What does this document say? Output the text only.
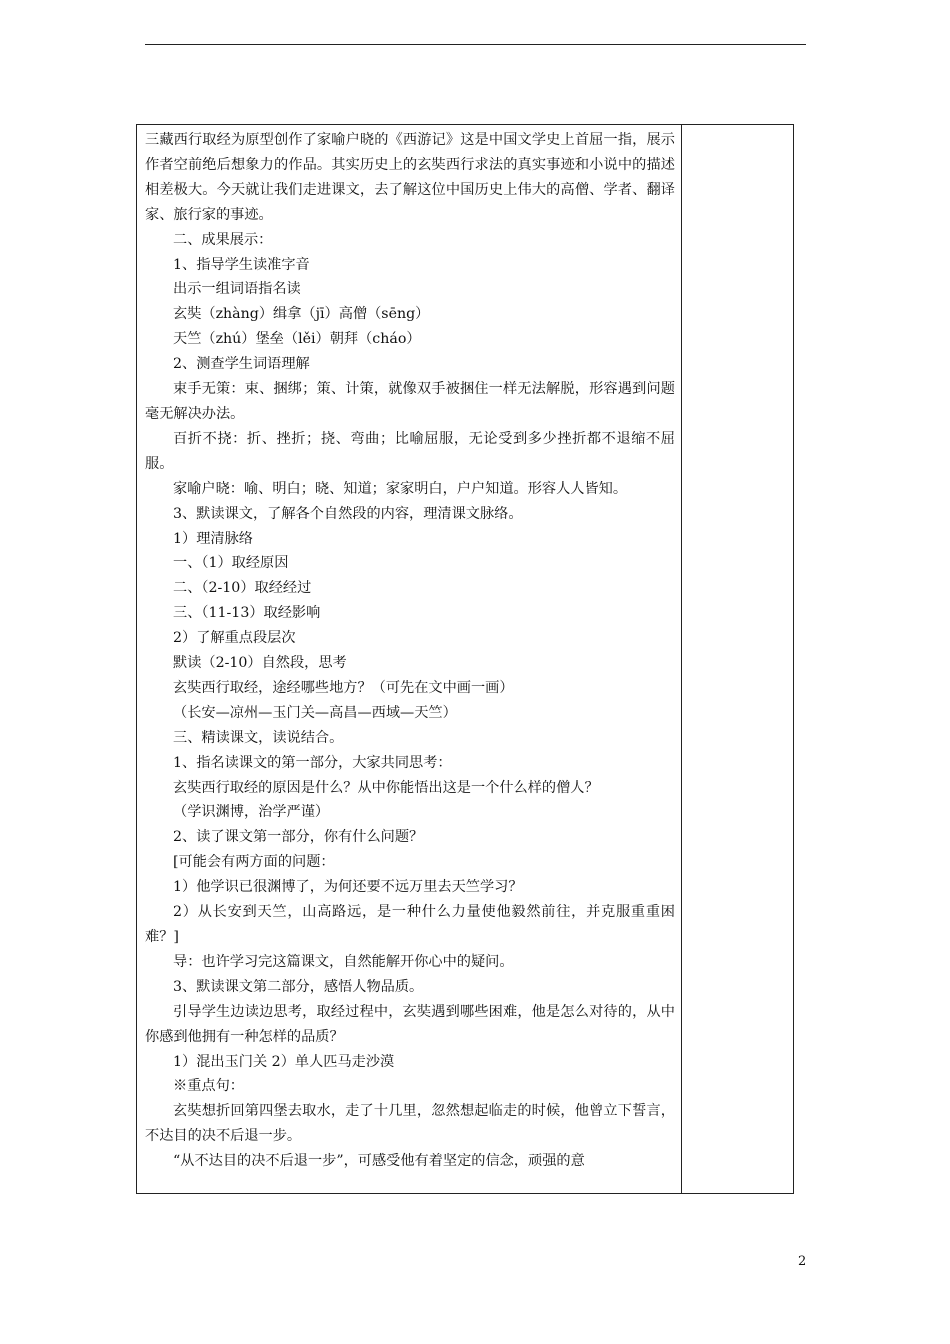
三藏西行取经为原型创作了家喻户晓的《西游记》这是中国文学史上首屈一指，展示作者空前绝后想象力的作品。其实历史上的玄奘西行求法的真实事迹和小说中的描述相差极大。今天就让我们走进课文，去了解这位中国历史上伟大的高僧、学者、翻译家、旅行家的事迹。

二、成果展示：

1、指导学生读准字音

出示一组词语指名读

玄奘（zhàng）缉拿（jī）高僧（sēng）

天竺（zhú）堡垒（lěi）朝拜（cháo）

2、测查学生词语理解

束手无策：束、捆绑；策、计策，就像双手被捆住一样无法解脱，形容遇到问题毫无解决办法。

百折不挠：折、挫折；挠、弯曲；比喻屈服，无论受到多少挫折都不退缩不屈服。

家喻户晓：喻、明白；晓、知道；家家明白，户户知道。形容人人皆知。

3、默读课文，了解各个自然段的内容，理清课文脉络。

1）理清脉络

一、（1）取经原因

二、（2-10）取经经过

三、（11-13）取经影响

2）了解重点段层次

默读（2-10）自然段，思考

玄奘西行取经，途经哪些地方？（可先在文中画一画）

（长安—凉州—玉门关—高昌—西域—天竺）

三、精读课文，读说结合。

1、指名读课文的第一部分，大家共同思考：

玄奘西行取经的原因是什么？从中你能悟出这是一个什么样的僧人？

（学识渊博，治学严谨）

2、读了课文第一部分，你有什么问题？

[可能会有两方面的问题：

1）他学识已很渊博了，为何还要不远万里去天竺学习？

2）从长安到天竺，山高路远，是一种什么力量使他毅然前往，并克服重重困难？]

导：也许学习完这篇课文，自然能解开你心中的疑问。

3、默读课文第二部分，感悟人物品质。

引导学生边读边思考，取经过程中，玄奘遇到哪些困难，他是怎么对待的，从中你感到他拥有一种怎样的品质？

1）混出玉门关 2）单人匹马走沙漠

※重点句：

玄奘想折回第四堡去取水，走了十几里，忽然想起临走的时候，他曾立下誓言，不达目的决不后退一步。

“从不达目的决不后退一步”，可感受他有着坚定的信念，顽强的意

2
